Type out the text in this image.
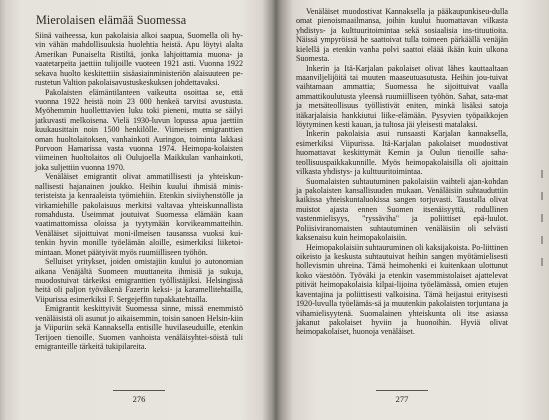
Mierolaisen elämää Suomessa

Siinä vaiheessa, kun pakolaisia alkoi saapua, Suomella oli hy-vin vähän mahdollisuuksia huolehtia heistä. Apu löytyi alalta Amerikan Punaiselta Ristiltä, jonka lahjoittamia muona- ja vaatetarpeita jaettiin tulijoille vuoteen 1921 asti. Vuonna 1922 sekava huolto keskitettiin sisäasiainministeriön alaisuuteen pe-rustetun Valtion pakolaisavustuskeskuksen johdettavaksi.

Pakolaisten elämäntilanteen vaikeutta osoittaa se, että vuonna 1922 heistä noin 23 000 henkeä tarvitsi avustusta. Myöhemmin huolletttavien luku toki pieneni, mutta se säilyi jatkuvasti melkoisena. Vielä 1930-luvun lopussa apua jaettiin kuukausittain noin 1500 henkilölle. Viimeisen emigranttien oman huoltolaitoksen, vanhainkoti Auringon, toiminta lakkasi Porvoon Hamarissa vasta vuonna 1974. Heimopa-kolaisten viimeinen huoltolaitos oli Oulujoella Maikkulan vanhainkoti, joka suljettiin vuonna 1970.

Venäläiset emigrantit olivat ammatillisesti ja yhteiskun-nallisesti hajanainen joukko. Heihin kuului ihmisiä minis-teristeista ja kenraaleista työmiehiin. Etenkin siviiyhenstölle ja virkamiehille pakolaisuus merkitsi valtavaa yhteiskunnallista romahdusta. Useimmat joutuivat Suomessa elämään kaan vaatimattomissa oloissa ja tyytymään korvikeammatteihin. Venäläiset sijoittuivat moni-ilmeisen tausanssa vuoksi kui-tenkin hyvin monille työelämän aloille, esimerkiksi liiketoi-mintaan. Monet päätyivät myös ruumiilliseen työhön.

Selluiset yritykset, joiden omistajiin kuului jo autonomian aikana Venäjältä Suomeen muuttaneita ihmisiä ja sukuja, muodostuivat tärkeiksi emigranttien työllistäjiksi. Helsingissä heitä oli paljon työväkenä Fazerin keksi- ja karamellitehtailla, Viipurissa esimerkiksi F. Sergejeffin tupakkatehtailla.

Emigrantit keskittyivät Suomessa sinne, missä enemmistö venäläisistä oli asunut jo aikaisemmin, toisin sanoen Helsin-kiin ja Viipuriin sekä Kannaksella entisille huvilaseuduille, etenkin Terijoen tienoille. Suomen vanhoista venäläisyhtei-söistä tuli emigranteille tärkeitä tukipilareita.

276

Venäläiset muodostivat Kannaksella ja pääkaupunkiseu-dulla omat pienoismaailmansa, joihin kuului huomattavan vilkasta yhdistys- ja kulttuuritoimintaa sekä sosiaalisia ins-tituutioita. Näissä ympyröissä he saattoivat tulla toimeen pärkäällä venäjän kielellä ja etenkin vanha polvi saattoi eläää ikään kuin ulkona Suomesta.

Inkerin ja Itä-Karjalan pakolaiset olivat lähes kauttaaltaan maanviljelijöitä tai muuten maaseutuasutusta. Heihin jou-tuivat vaihtamaan ammattia; Suomessa he sijoittuivat vaalla ammattikoulutusta yleensä ruumiilliseen työhön. Sahat, sata-mat ja metsäteollisuus työllistivät eniten, minkä lisäksi satoja itäkarjalaisia hankkiutui liike-elämään. Pysyvien työpaikkojen löytyminen kesti kauan, ja tultosa jäi yleisesti matalaksi.

Inkerin pakolaisia asui runsaasti Karjalan kannaksella, esimerkiksi Viipurissa. Itä-Karjalan pakolaiset muodostivat huomattavat keskittymät Kemin ja Oulun tienoille saha-teollisuuspaikkakunnille. Myös heimopakolaisilla oli ajoittain vilkasta yhdistys- ja kulttuuritoimintaa.

Suomalaisten suhtautuminen pakolaisiin vaihteli ajan-kohdan ja pakolaisten kansallisuuden mukaan. Venäläisiin suhtauduttiin kaikissa yhteiskuntaluokissa sangen torjuvasti. Taustalla olivat muistot ajasta ennen Suomen itsenäisyyttä, rodullinen vastenmielisyys, "ryssävihа" ja poliittiset epä-luulot. Poliisiviranomaisten suhtautuminen venäläisiin oli selvästi kaksenaisu kuin heimopakolaisiin.

Heimopakolaisiin suhtauruminen oli kaksijakoista. Po-liittinen oikeisto ja keskusta suhtautuivat heihin sangen myötämielisesti hollevismin uhreina. Tämä heimohenki ei kuitenkaan ulottunut koko väestöön. Työväki ja etenkin vasemmistolaiset ajattelevat pitivät heimopakolaisia kilpai-lijoina työelämässä, omien etujen kaventajina ja poliittisesti valkoisina. Tämä heijastui erityisesti 1920-luvulla työelämäs-sä ja muutenkin pakolaisten torjuntana ja vihamielisyytenä. Suomalainen yhteiskunta oli itse asiassa jakanut pakolaiset hyviin ja huonoihin. Hyviä olivat heimopakolaiset, huonoja venäläiset.

277
